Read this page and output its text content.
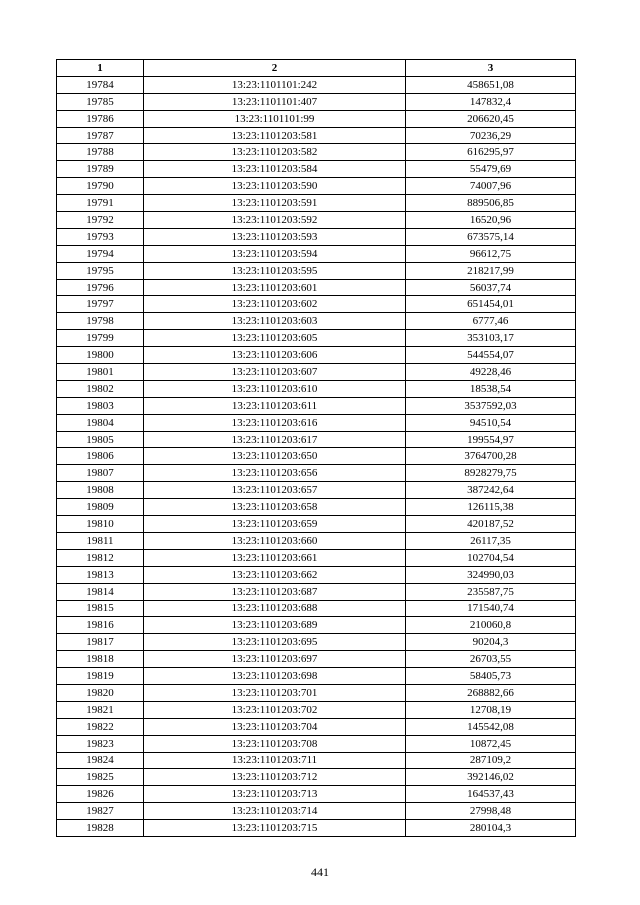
1	2	3
19784	13:23:1101101:242	458651,08
19785	13:23:1101101:407	147832,4
19786	13:23:1101101:99	206620,45
19787	13:23:1101203:581	70236,29
19788	13:23:1101203:582	616295,97
19789	13:23:1101203:584	55479,69
19790	13:23:1101203:590	74007,96
19791	13:23:1101203:591	889506,85
19792	13:23:1101203:592	16520,96
19793	13:23:1101203:593	673575,14
19794	13:23:1101203:594	96612,75
19795	13:23:1101203:595	218217,99
19796	13:23:1101203:601	56037,74
19797	13:23:1101203:602	651454,01
19798	13:23:1101203:603	6777,46
19799	13:23:1101203:605	353103,17
19800	13:23:1101203:606	544554,07
19801	13:23:1101203:607	49228,46
19802	13:23:1101203:610	18538,54
19803	13:23:1101203:611	3537592,03
19804	13:23:1101203:616	94510,54
19805	13:23:1101203:617	199554,97
19806	13:23:1101203:650	3764700,28
19807	13:23:1101203:656	8928279,75
19808	13:23:1101203:657	387242,64
19809	13:23:1101203:658	126115,38
19810	13:23:1101203:659	420187,52
19811	13:23:1101203:660	26117,35
19812	13:23:1101203:661	102704,54
19813	13:23:1101203:662	324990,03
19814	13:23:1101203:687	235587,75
19815	13:23:1101203:688	171540,74
19816	13:23:1101203:689	210060,8
19817	13:23:1101203:695	90204,3
19818	13:23:1101203:697	26703,55
19819	13:23:1101203:698	58405,73
19820	13:23:1101203:701	268882,66
19821	13:23:1101203:702	12708,19
19822	13:23:1101203:704	145542,08
19823	13:23:1101203:708	10872,45
19824	13:23:1101203:711	287109,2
19825	13:23:1101203:712	392146,02
19826	13:23:1101203:713	164537,43
19827	13:23:1101203:714	27998,48
19828	13:23:1101203:715	280104,3
441
